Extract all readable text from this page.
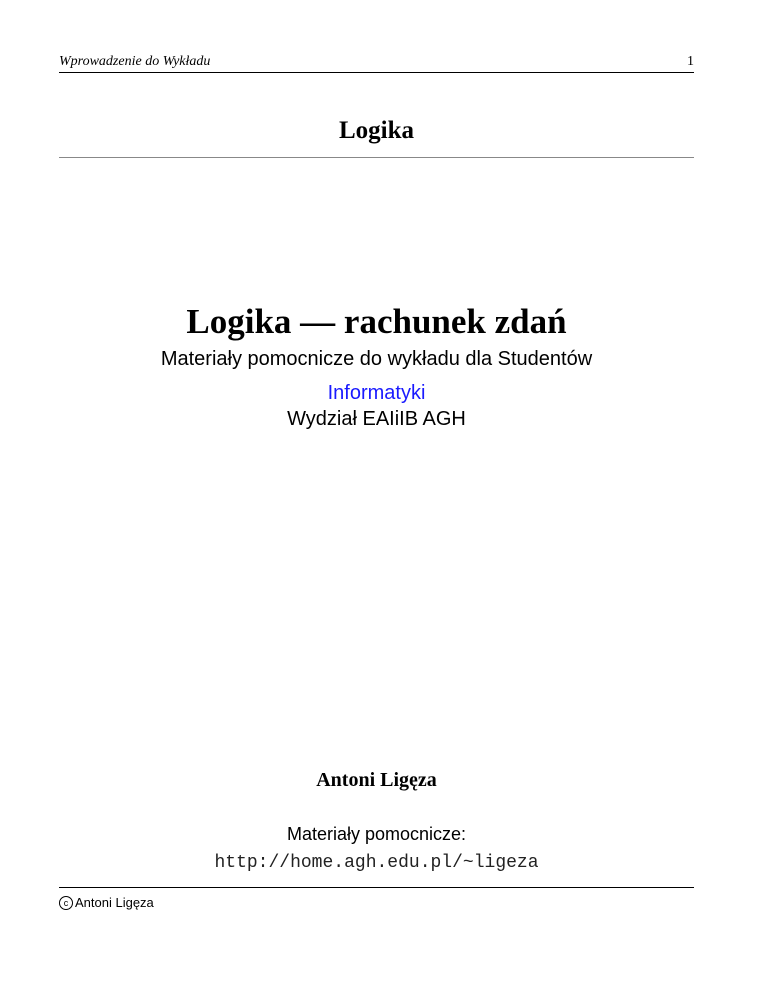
Wprowadzenie do Wykładu	1
Logika
Logika — rachunek zdań
Materiały pomocnicze do wykładu dla Studentów
Informatyki
Wydział EAIiIB AGH
Antoni Ligęza
Materiały pomocnicze:
http://home.agh.edu.pl/~ligeza
c Antoni Ligęza
